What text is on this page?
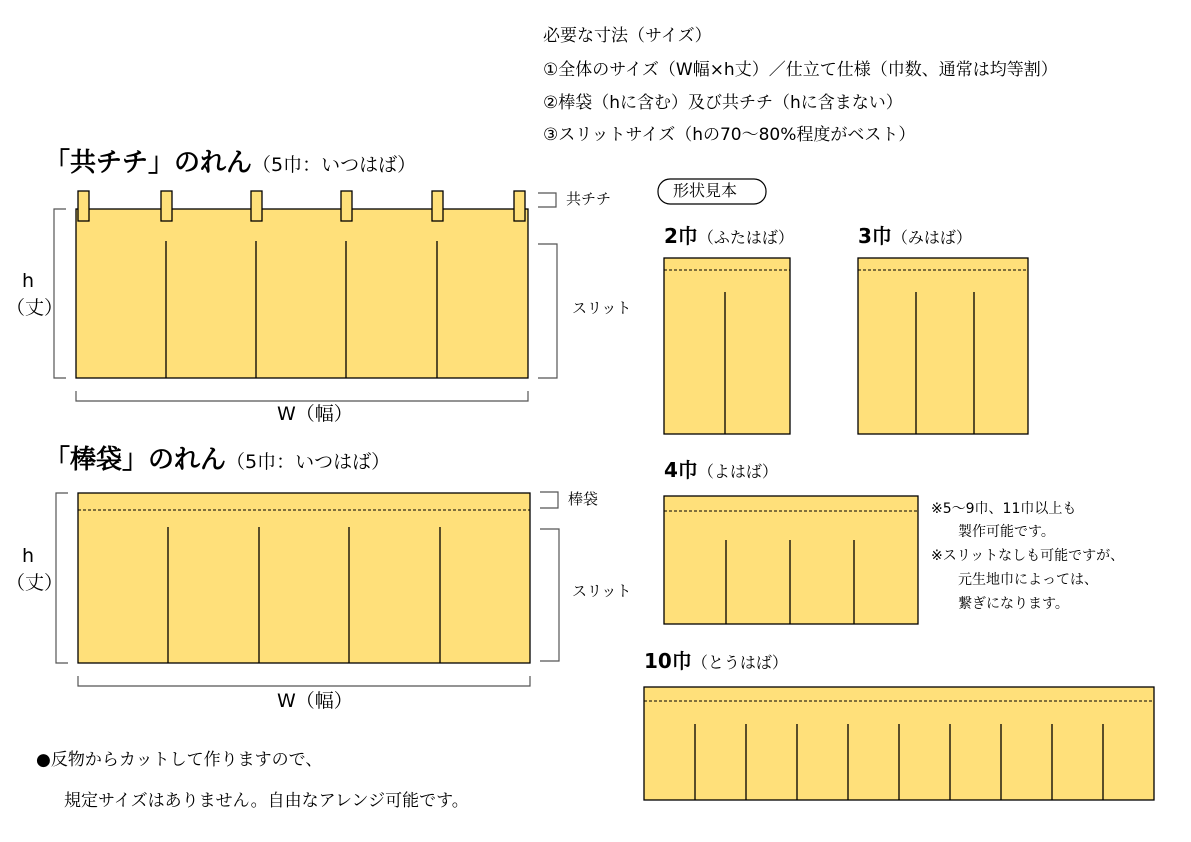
必要な寸法（サイズ）
①全体のサイズ（W幅×h丈）／仕立て仕様（巾数、通常は均等割）
②棒袋（hに含む）及び共チチ（hに含まない）
③スリットサイズ（hの70～80%程度がベスト）
「共チチ」のれん（5巾：いつはば）
共チチ
スリット
h
（丈）
W（幅）
「棒袋」のれん（5巾：いつはば）
棒袋
スリット
h
（丈）
W（幅）
形状見本
2巾（ふたはば）	3巾（みはば）
4巾（よはば）
10巾（とうはば）
※5～9巾、11巾以上も
製作可能です。
※スリットなしも可能ですが、
元生地巾によっては、
繋ぎになります。
●反物からカットして作りますので、
規定サイズはありません。自由なアレンジ可能です。
